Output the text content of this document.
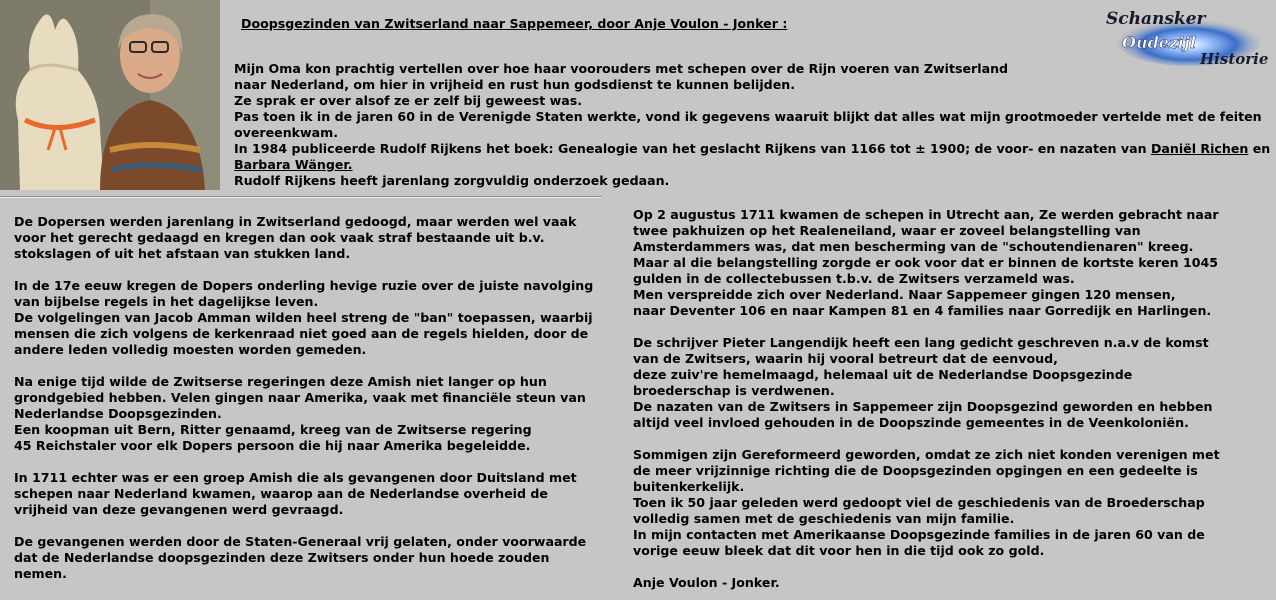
Doopsgezinden van Zwitserland naar Sappemeer, door Anje Voulon - Jonker :

Mijn Oma kon prachtig vertellen over hoe haar voorouders met schepen over de Rijn voeren van Zwitserland

naar Nederland, om hier in vrijheid en rust hun godsdienst te kunnen belijden.

Ze sprak er over alsof ze er zelf bij geweest was.

Pas toen ik in de jaren 60 in de Verenigde Staten werkte, vond ik gegevens waaruit blijkt dat alles wat mijn grootmoeder vertelde met de feiten

overeenkwam.

In 1984 publiceerde Rudolf Rijkens het boek: Genealogie van het geslacht Rijkens van 1166 tot ± 1900; de voor- en nazaten van Daniël Richen en

Barbara Wänger.

Rudolf Rijkens heeft jarenlang zorgvuldig onderzoek gedaan.

Schansker
Oudezijl
Historie

De Dopersen werden jarenlang in Zwitserland gedoogd, maar werden wel vaak

voor het gerecht gedaagd en kregen dan ook vaak straf bestaande uit b.v.

stokslagen of uit het afstaan van stukken land.

In de 17e eeuw kregen de Dopers onderling hevige ruzie over de juiste navolging

van bijbelse regels in het dagelijkse leven.

De volgelingen van Jacob Amman wilden heel streng de "ban" toepassen, waarbij

mensen die zich volgens de kerkenraad niet goed aan de regels hielden, door de

andere leden volledig moesten worden gemeden.

Na enige tijd wilde de Zwitserse regeringen deze Amish niet langer op hun

grondgebied hebben. Velen gingen naar Amerika, vaak met financiële steun van

Nederlandse Doopsgezinden.

Een koopman uit Bern, Ritter genaamd, kreeg van de Zwitserse regering

45 Reichstaler voor elk Dopers persoon die hij naar Amerika begeleidde.

In 1711 echter was er een groep Amish die als gevangenen door Duitsland met

schepen naar Nederland kwamen, waarop aan de Nederlandse overheid de

vrijheid van deze gevangenen werd gevraagd.

De gevangenen werden door de Staten-Generaal vrij gelaten, onder voorwaarde

dat de Nederlandse doopsgezinden deze Zwitsers onder hun hoede zouden

nemen.

Op 2 augustus 1711 kwamen de schepen in Utrecht aan, Ze werden gebracht naar

twee pakhuizen op het Realeneiland, waar er zoveel belangstelling van

Amsterdammers was, dat men bescherming van de "schoutendienaren" kreeg.

Maar al die belangstelling zorgde er ook voor dat er binnen de kortste keren 1045

gulden in de collectebussen t.b.v. de Zwitsers verzameld was.

Men verspreidde zich over Nederland. Naar Sappemeer gingen 120 mensen,

naar Deventer 106 en naar Kampen 81 en 4 families naar Gorredijk en Harlingen.

De schrijver Pieter Langendijk heeft een lang gedicht geschreven n.a.v de komst

van de Zwitsers, waarin hij vooral betreurt dat de eenvoud,

deze zuiv're hemelmaagd, helemaal uit de Nederlandse Doopsgezinde

broederschap is verdwenen.

De nazaten van de Zwitsers in Sappemeer zijn Doopsgezind geworden en hebben

altijd veel invloed gehouden in de Doopszinde gemeentes in de Veenkoloniën.

Sommigen zijn Gereformeerd geworden, omdat ze zich niet konden verenigen met

de meer vrijzinnige richting die de Doopsgezinden opgingen en een gedeelte is

buitenkerkelijk.

Toen ik 50 jaar geleden werd gedoopt viel de geschiedenis van de Broederschap

volledig samen met de geschiedenis van mijn familie.

In mijn contacten met Amerikaanse Doopsgezinde families in de jaren 60 van de

vorige eeuw bleek dat dit voor hen in die tijd ook zo gold.

Anje Voulon - Jonker.
